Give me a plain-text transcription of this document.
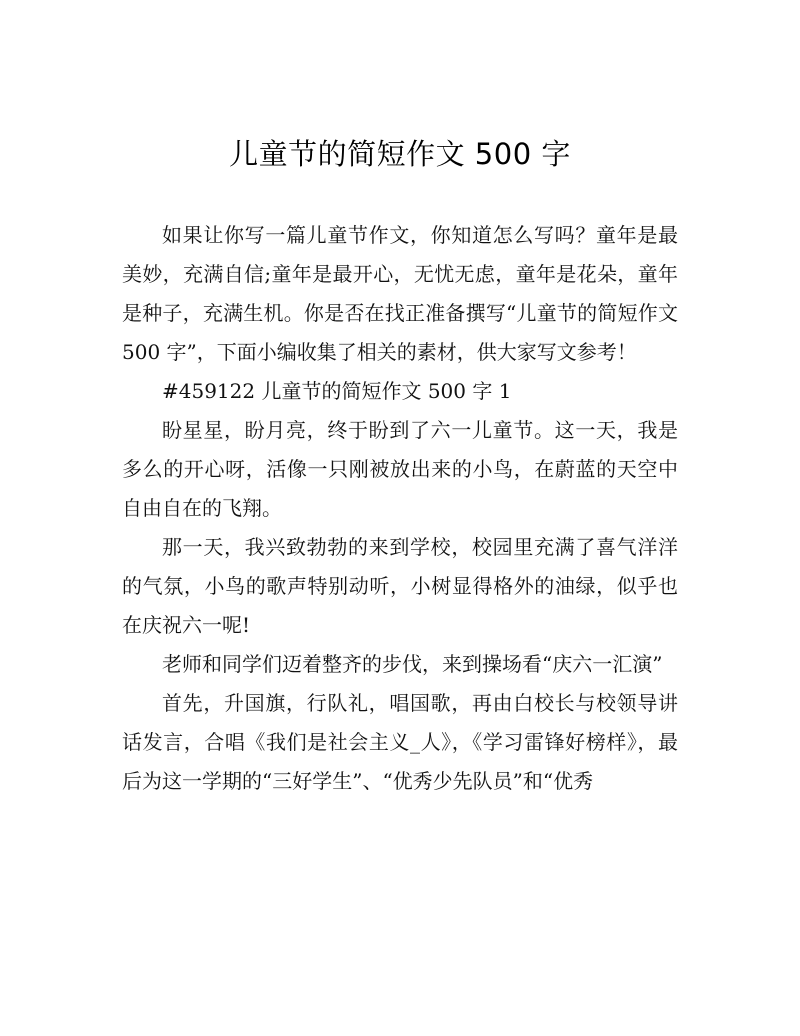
儿童节的简短作文 500 字

如果让你写一篇儿童节作文，你知道怎么写吗？童年是最美妙，充满自信;童年是最开心，无忧无虑，童年是花朵，童年是种子，充满生机。你是否在找正准备撰写“儿童节的简短作文 500 字”，下面小编收集了相关的素材，供大家写文参考！

#459122 儿童节的简短作文 500 字 1

盼星星，盼月亮，终于盼到了六一儿童节。这一天，我是多么的开心呀，活像一只刚被放出来的小鸟，在蔚蓝的天空中自由自在的飞翔。

那一天，我兴致勃勃的来到学校，校园里充满了喜气洋洋的气氛，小鸟的歌声特别动听，小树显得格外的油绿，似乎也在庆祝六一呢!

老师和同学们迈着整齐的步伐，来到操场看“庆六一汇演”

首先，升国旗，行队礼，唱国歌，再由白校长与校领导讲话发言，合唱《我们是社会主义_人》，《学习雷锋好榜样》，最后为这一学期的“三好学生”、“优秀少先队员”和“优秀
